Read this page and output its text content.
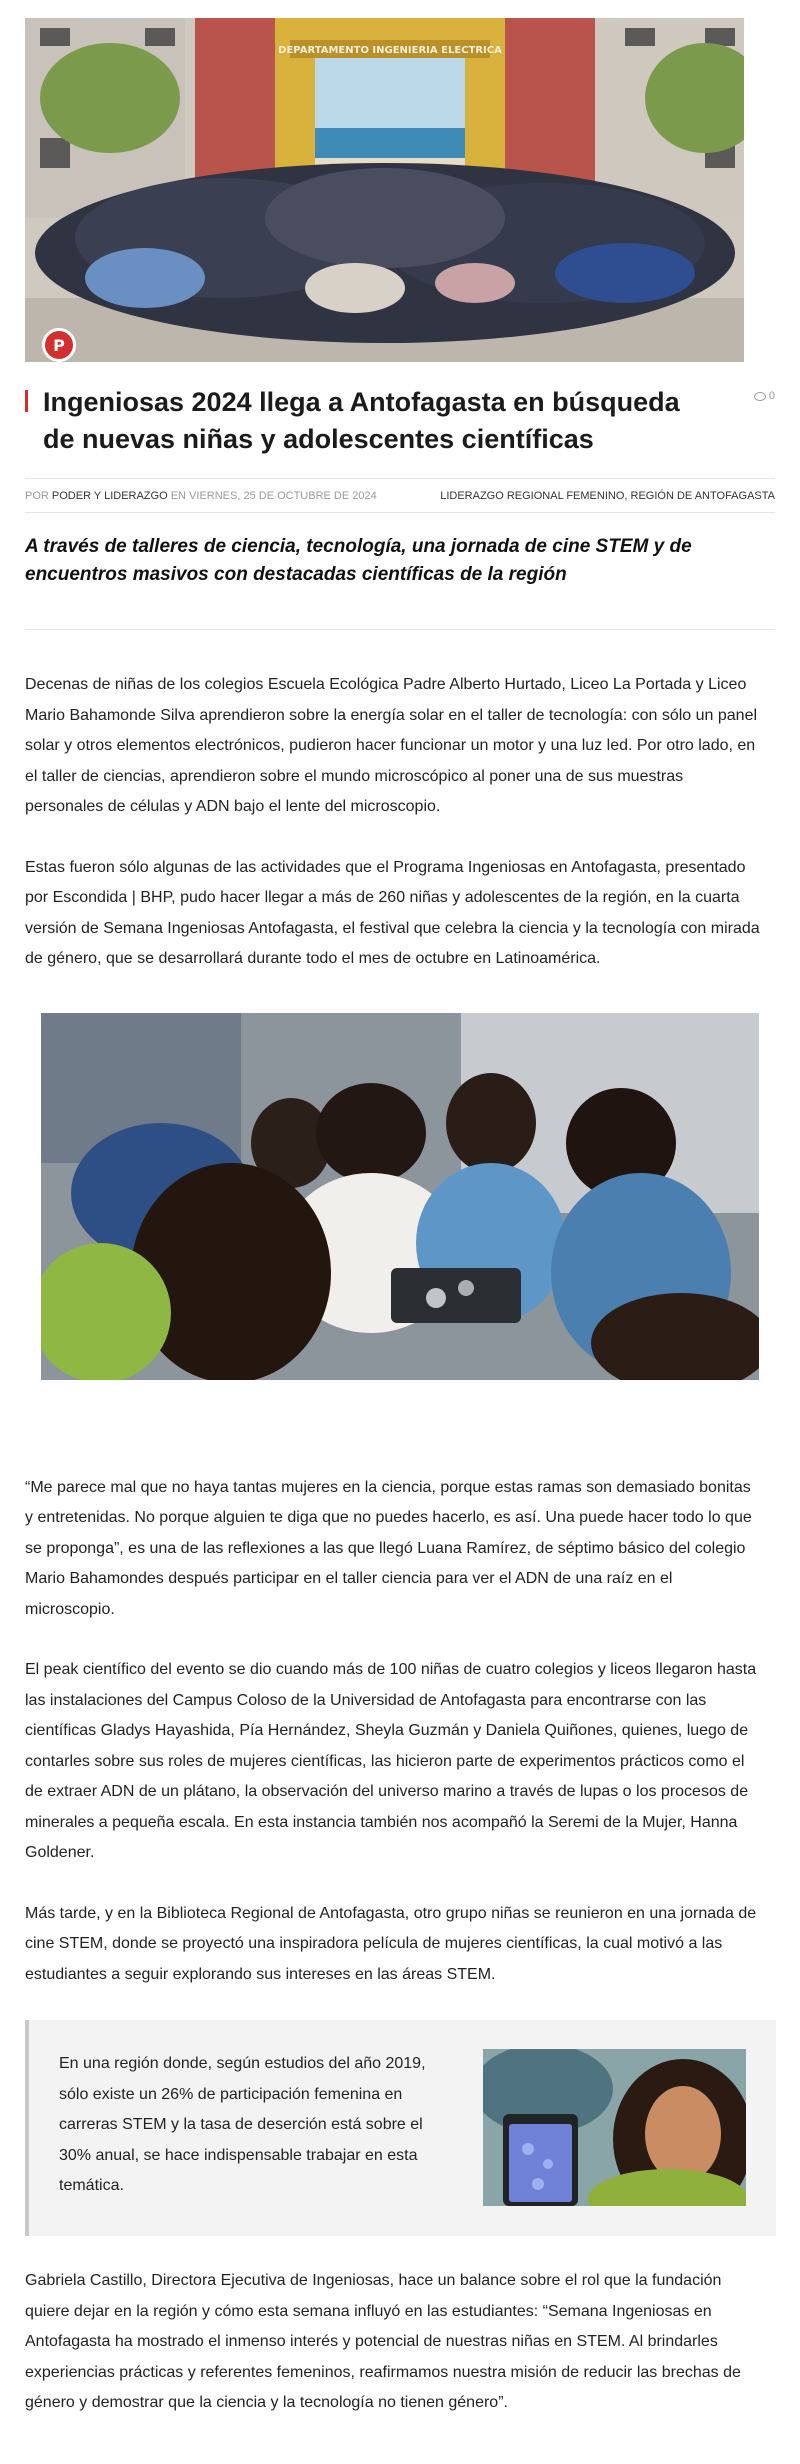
DEPARTAMENTO INGENIERIA ELECTRICA
P
Ingeniosas 2024 llega a Antofagasta en búsqueda de nuevas niñas y adolescentes científicas
0
POR PODER Y LIDERAZGO EN VIERNES, 25 DE OCTUBRE DE 2024	LIDERAZGO REGIONAL FEMENINO, REGIÓN DE ANTOFAGASTA

A través de talleres de ciencia, tecnología, una jornada de cine STEM y de encuentros masivos con destacadas científicas de la región

Decenas de niñas de los colegios Escuela Ecológica Padre Alberto Hurtado, Liceo La Portada y Liceo Mario Bahamonde Silva aprendieron sobre la energía solar en el taller de tecnología: con sólo un panel solar y otros elementos electrónicos, pudieron hacer funcionar un motor y una luz led. Por otro lado, en el taller de ciencias, aprendieron sobre el mundo microscópico al poner una de sus muestras personales de células y ADN bajo el lente del microscopio.

Estas fueron sólo algunas de las actividades que el Programa Ingeniosas en Antofagasta, presentado por Escondida | BHP, pudo hacer llegar a más de 260 niñas y adolescentes de la región, en la cuarta versión de Semana Ingeniosas Antofagasta, el festival que celebra la ciencia y la tecnología con mirada de género, que se desarrollará durante todo el mes de octubre en Latinoamérica.

“Me parece mal que no haya tantas mujeres en la ciencia, porque estas ramas son demasiado bonitas y entretenidas. No porque alguien te diga que no puedes hacerlo, es así. Una puede hacer todo lo que se proponga”, es una de las reflexiones a las que llegó Luana Ramírez, de séptimo básico del colegio Mario Bahamondes después participar en el taller ciencia para ver el ADN de una raíz en el microscopio.

El peak científico del evento se dio cuando más de 100 niñas de cuatro colegios y liceos llegaron hasta las instalaciones del Campus Coloso de la Universidad de Antofagasta para encontrarse con las científicas Gladys Hayashida, Pía Hernández, Sheyla Guzmán y Daniela Quiñones, quienes, luego de contarles sobre sus roles de mujeres científicas, las hicieron parte de experimentos prácticos como el de extraer ADN de un plátano, la observación del universo marino a través de lupas o los procesos de minerales a pequeña escala. En esta instancia también nos acompañó la Seremi de la Mujer, Hanna Goldener.

Más tarde, y en la Biblioteca Regional de Antofagasta, otro grupo niñas se reunieron en una jornada de cine STEM, donde se proyectó una inspiradora película de mujeres científicas, la cual motivó a las estudiantes a seguir explorando sus intereses en las áreas STEM.

En una región donde, según estudios del año 2019, sólo existe un 26% de participación femenina en carreras STEM y la tasa de deserción está sobre el 30% anual, se hace indispensable trabajar en esta temática.

Gabriela Castillo, Directora Ejecutiva de Ingeniosas, hace un balance sobre el rol que la fundación quiere dejar en la región y cómo esta semana influyó en las estudiantes: “Semana Ingeniosas en Antofagasta ha mostrado el inmenso interés y potencial de nuestras niñas en STEM. Al brindarles experiencias prácticas y referentes femeninos, reafirmamos nuestra misión de reducir las brechas de género y demostrar que la ciencia y la tecnología no tienen género”.
